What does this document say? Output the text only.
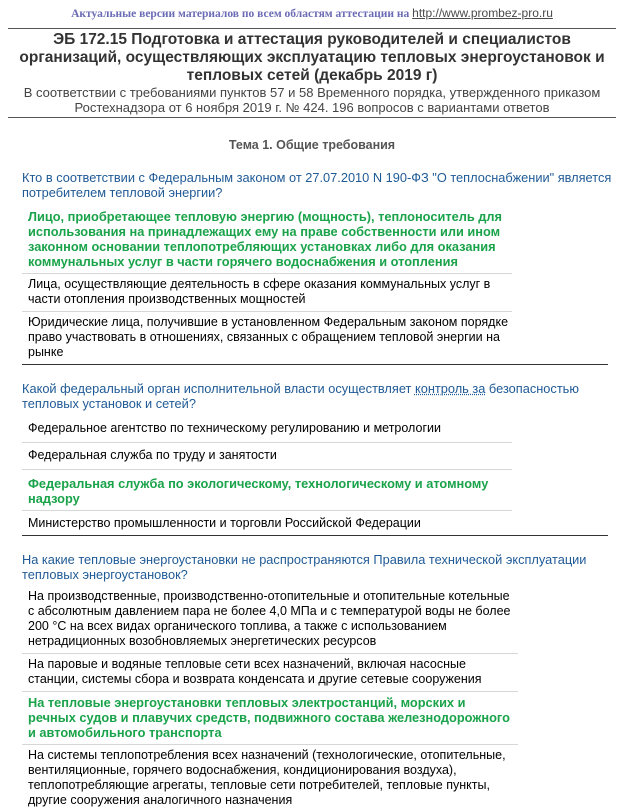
Актуальные версии материалов по всем областям аттестации на http://www.prombez-pro.ru
ЭБ 172.15 Подготовка и аттестация руководителей и специалистов организаций, осуществляющих эксплуатацию тепловых энергоустановок и тепловых сетей (декабрь 2019 г)
В соответствии с требованиями пунктов 57 и 58 Временного порядка, утвержденного приказом Ростехнадзора от 6 ноября 2019 г. № 424. 196 вопросов с вариантами ответов
Тема 1. Общие требования
Кто в соответствии с Федеральным законом от 27.07.2010 N 190-ФЗ "О теплоснабжении" является потребителем тепловой энергии?
Лицо, приобретающее тепловую энергию (мощность), теплоноситель для использования на принадлежащих ему на праве собственности или ином законном основании теплопотребляющих установках либо для оказания коммунальных услуг в части горячего водоснабжения и отопления
Лица, осуществляющие деятельность в сфере оказания коммунальных услуг в части отопления производственных мощностей
Юридические лица, получившие в установленном Федеральным законом порядке право участвовать в отношениях, связанных с обращением тепловой энергии на рынке
Какой федеральный орган исполнительной власти осуществляет контроль за безопасностью тепловых установок и сетей?
Федеральное агентство по техническому регулированию и метрологии
Федеральная служба по труду и занятости
Федеральная служба по экологическому, технологическому и атомному надзору
Министерство промышленности и торговли Российской Федерации
На какие тепловые энергоустановки не распространяются Правила технической эксплуатации тепловых энергоустановок?
На производственные, производственно-отопительные и отопительные котельные с абсолютным давлением пара не более 4,0 МПа и с температурой воды не более 200 °С на всех видах органического топлива, а также с использованием нетрадиционных возобновляемых энергетических ресурсов
На паровые и водяные тепловые сети всех назначений, включая насосные станции, системы сбора и возврата конденсата и другие сетевые сооружения
На тепловые энергоустановки тепловых электростанций, морских и речных судов и плавучих средств, подвижного состава железнодорожного и автомобильного транспорта
На системы теплопотребления всех назначений (технологические, отопительные, вентиляционные, горячего водоснабжения, кондиционирования воздуха), теплопотребляющие агрегаты, тепловые сети потребителей, тепловые пункты, другие сооружения аналогичного назначения
